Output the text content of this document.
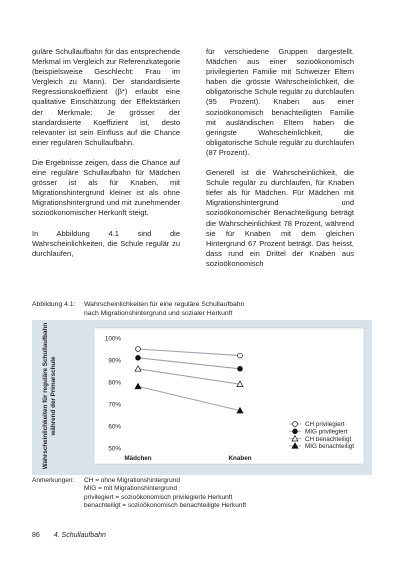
guläre Schullaufbahn für das entsprechende Merkmal im Vergleich zur Referenzkategorie (beispielsweise Geschlecht: Frau im Vergleich zu Mann). Der standardisierte Regressionskoeffizient (β*) erlaubt eine qualitative Einschätzung der Effektstärken der Merkmale: Je grösser der standardisierte Koeffizient ist, desto relevanter ist sein Einfluss auf die Chance einer regulären Schullaufbahn.

Die Ergebnisse zeigen, dass die Chance auf eine reguläre Schullaufbahn für Mädchen grösser ist als für Knaben, mit Migrationshintergrund kleiner ist als ohne Migrationshintergrund und mit zunehmender sozioökonomischer Herkunft steigt.

In Abbildung 4.1 sind die Wahrscheinlichkeiten, die Schule regulär zu durchlaufen,

für verschiedene Gruppen dargestellt. Mädchen aus einer sozioökonomisch privilegierten Familie mit Schweizer Eltern haben die grösste Wahrscheinlichkeit, die obligatorische Schule regulär zu durchlaufen (95 Prozent). Knaben aus einer sozioökonomisch benachteiligten Familie mit ausländischen Eltern haben die geringste Wahrscheinlichkeit, die obligatorische Schule regulär zu durchlaufen (87 Prozent).

Generell ist die Wahrscheinlichkeit, die Schule regulär zu durchlaufen, für Knaben tiefer als für Mädchen. Für Mädchen mit Migrationshintergrund und sozioökonomischer Benachteiligung beträgt die Wahrscheinlichkeit 78 Prozent, während sie für Knaben mit dem gleichen Hintergrund 67 Prozent beträgt. Das heisst, dass rund ein Drittel der Knaben aus sozioökonomisch

Abbildung 4.1: Wahrscheinlichkeiten für eine reguläre Schullaufbahn
nach Migrationshintergrund und sozialer Herkunft
Wahrscheinlichkeiten für reguläre Schullaufbahn während der Primarschule
50%
60%
70%
80%
90%
100%
Mädchen	Knaben
CH privilegiert
MIG privilegiert
CH benachteiligt
MIG benachteiligt
Anmerkungen: CH = ohne Migrationshintergrund
MIG = mit Migrationshintergrund
privilegiert = sozioökonomisch privilegierte Herkunft
benachteiligt = sozioökonomisch benachteiligte Herkunft
86 4. Schullaufbahn
